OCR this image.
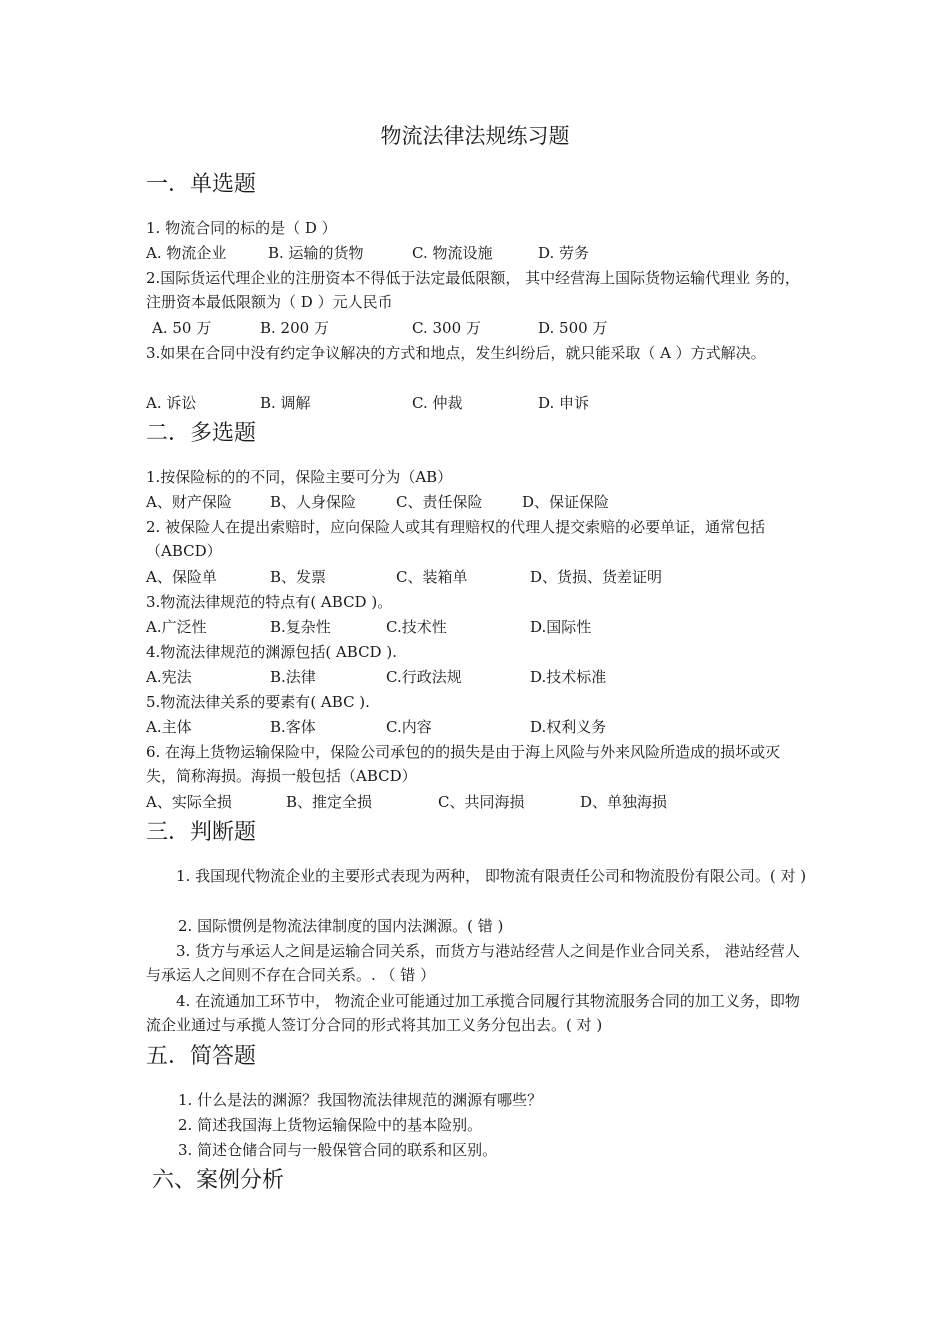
物流法律法规练习题
一．单选题

1. 物流合同的标的是（ D ）

A. 物流企业	B. 运输的货物	C. 物流设施	D. 劳务

2.国际货运代理企业的注册资本不得低于法定最低限额， 其中经营海上国际货物运输代理业 务的，注册资本最低限额为（ D ）元人民币

A. 50 万	B. 200 万	C. 300 万	D. 500 万

3.如果在合同中没有约定争议解决的方式和地点，发生纠纷后，就只能采取（ A ）方式解决。

A. 诉讼	B. 调解	C. 仲裁	D. 申诉
二．多选题

1.按保险标的的不同，保险主要可分为（AB）

A、财产保险	B、人身保险	C、责任保险	D、保证保险

2. 被保险人在提出索赔时，应向保险人或其有理赔权的代理人提交索赔的必要单证，通常包括（ABCD）

A、保险单	B、发票	C、装箱单	D、货损、货差证明

3.物流法律规范的特点有( ABCD )。

A.广泛性	B.复杂性	C.技术性	D.国际性

4.物流法律规范的渊源包括( ABCD ).

A.宪法	B.法律	C.行政法规	D.技术标准

5.物流法律关系的要素有( ABC ).

A.主体	B.客体	C.内容	D.权利义务

6. 在海上货物运输保险中，保险公司承包的的损失是由于海上风险与外来风险所造成的损坏或灭失，简称海损。海损一般包括（ABCD）

A、实际全损	B、推定全损	C、共同海损	D、单独海损
三．判断题

1. 我国现代物流企业的主要形式表现为两种， 即物流有限责任公司和物流股份有限公司。( 对 )

2. 国际惯例是物流法律制度的国内法渊源。( 错 )

3. 货方与承运人之间是运输合同关系，而货方与港站经营人之间是作业合同关系， 港站经营人与承运人之间则不存在合同关系。. （ 错 ）

4. 在流通加工环节中， 物流企业可能通过加工承揽合同履行其物流服务合同的加工义务，即物流企业通过与承揽人签订分合同的形式将其加工义务分包出去。( 对 )

五．简答题

1. 什么是法的渊源？我国物流法律规范的渊源有哪些？

2. 简述我国海上货物运输保险中的基本险别。

3. 简述仓储合同与一般保管合同的联系和区别。

六、案例分析
